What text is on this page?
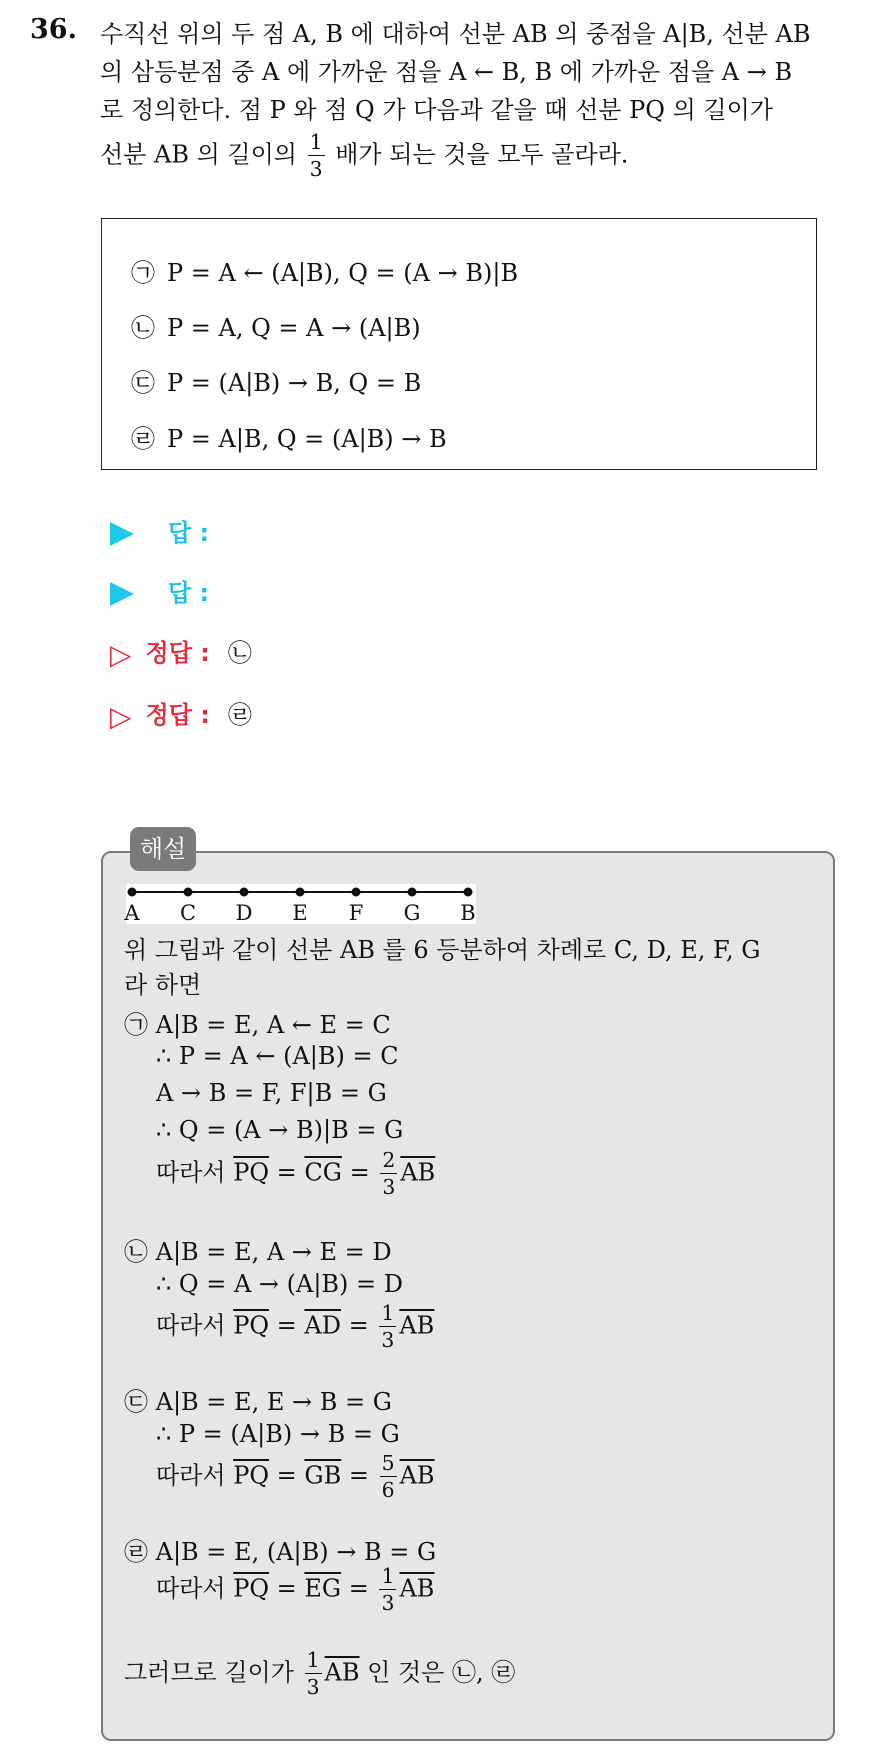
36. 수직선 위의 두 점 A, B 에 대하여 선분 AB 의 중점을 A|B, 선분 AB
의 삼등분점 중 A 에 가까운 점을 A ← B, B 에 가까운 점을 A → B
로 정의한다. 점 P 와 점 Q 가 다음과 같을 때 선분 PQ 의 길이가
선분 AB 의 길이의 $\frac{1}{3}$ 배가 되는 것을 모두 골라라.
㉠ P = A ← (A|B), Q = (A → B)|B
㉡ P = A, Q = A → (A|B)
㉢ P = (A|B) → B, Q = B
㉣ P = A|B, Q = (A|B) → B
답 :
답 :
▷ 정답 : ㉡
▷ 정답 : ㉣
해설
A C D E F G B
위 그림과 같이 선분 AB 를 6 등분하여 차례로 C, D, E, F, G
라 하면
㉠ A|B = E, A ← E = C
∴ P = A ← (A|B) = C
A → B = F, F|B = G
∴ Q = (A → B)|B = G
따라서 $\overline{PQ} = \overline{CG} = \frac{2}{3} \overline{AB}$
㉡ A|B = E, A → E = D
∴ Q = A → (A|B) = D
따라서 $\overline{PQ} = \overline{AD} = \frac{1}{3} \overline{AB}$
㉢ A|B = E, E → B = G
∴ P = (A|B) → B = G
따라서 $\overline{PQ} = \overline{GB} = \frac{5}{6} \overline{AB}$
㉣ A|B = E, (A|B) → B = G
따라서 $\overline{PQ} = \overline{EG} = \frac{1}{3} \overline{AB}$
그러므로 길이가 $\frac{1}{3} \overline{AB}$ 인 것은 ㉡, ㉣
